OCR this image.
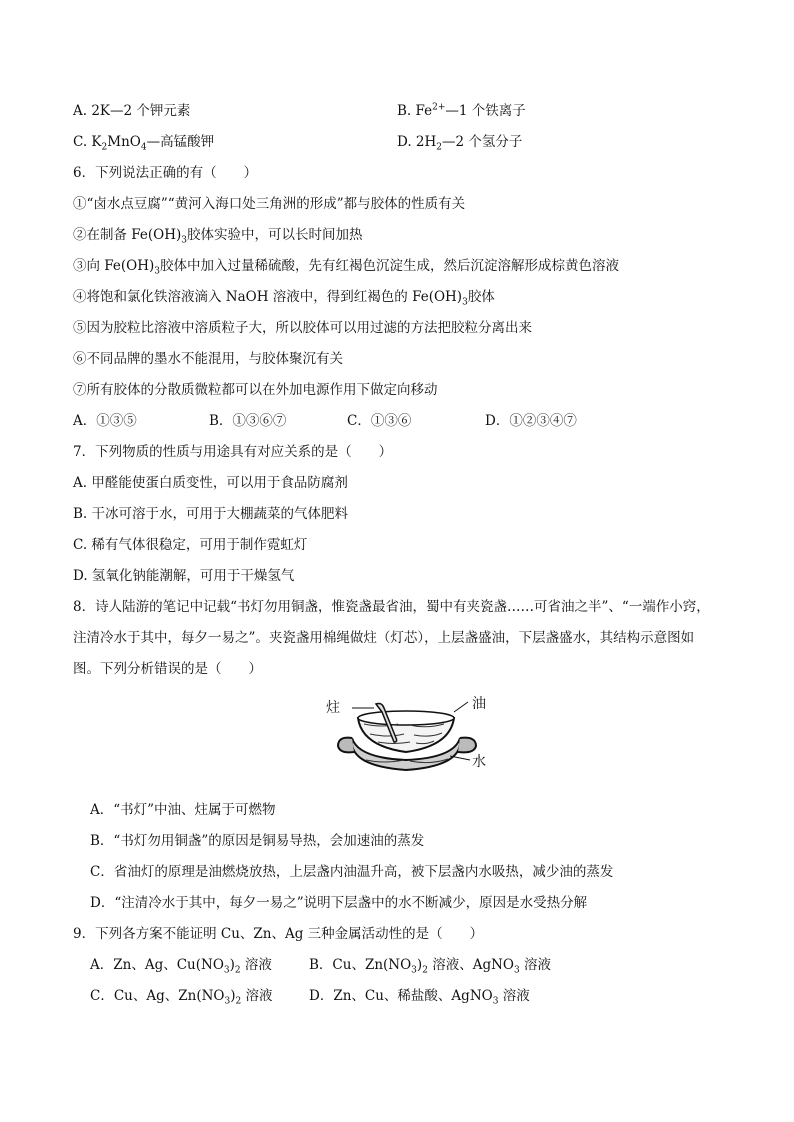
A. 2K—2 个钾元素	B. $Fe^{2+}—1$ 个铁离子
C. $K_2MnO_4—$高锰酸钾	D. $2H_2—2$ 个氢分子
6．下列说法正确的有（　　）
①“卤水点豆腐”“黄河入海口处三角洲的形成”都与胶体的性质有关
②在制备 $Fe(OH)_3$胶体实验中，可以长时间加热
③向 $Fe(OH)_3$胶体中加入过量稀硫酸，先有红褐色沉淀生成，然后沉淀溶解形成棕黄色溶液
④将饱和氯化铁溶液滴入 NaOH 溶液中，得到红褐色的 $Fe(OH)_3$胶体
⑤因为胶粒比溶液中溶质粒子大，所以胶体可以用过滤的方法把胶粒分离出来
⑥不同品牌的墨水不能混用，与胶体聚沉有关
⑦所有胶体的分散质微粒都可以在外加电源作用下做定向移动
A．①③⑤	B．①③⑥⑦	C．①③⑥	D．①②③④⑦
7．下列物质的性质与用途具有对应关系的是（　　）
A. 甲醛能使蛋白质变性，可以用于食品防腐剂
B. 干冰可溶于水，可用于大棚蔬菜的气体肥料
C. 稀有气体很稳定，可用于制作霓虹灯
D. 氢氧化钠能潮解，可用于干燥氢气
8．诗人陆游的笔记中记载“书灯勿用铜盏，惟瓷盏最省油，蜀中有夹瓷盏……可省油之半”、“一端作小窍，
注清冷水于其中，每夕一易之”。夹瓷盏用棉绳做炷（灯芯），上层盏盛油，下层盏盛水，其结构示意图如
图。下列分析错误的是（　　）
炷	油
水
A．“书灯”中油、炷属于可燃物
B．“书灯勿用铜盏”的原因是铜易导热，会加速油的蒸发
C．省油灯的原理是油燃烧放热，上层盏内油温升高，被下层盏内水吸热，减少油的蒸发
D．“注清冷水于其中，每夕一易之”说明下层盏中的水不断减少，原因是水受热分解
9．下列各方案不能证明 Cu、Zn、Ag 三种金属活动性的是（　　）
A．Zn、Ag、$Cu(NO_3)_2$ 溶液	B．Cu、$Zn(NO_3)_2$ 溶液、AgNO$_3$ 溶液
C．Cu、Ag、$Zn(NO_3)_2$ 溶液	D．Zn、Cu、稀盐酸、AgNO$_3$ 溶液
